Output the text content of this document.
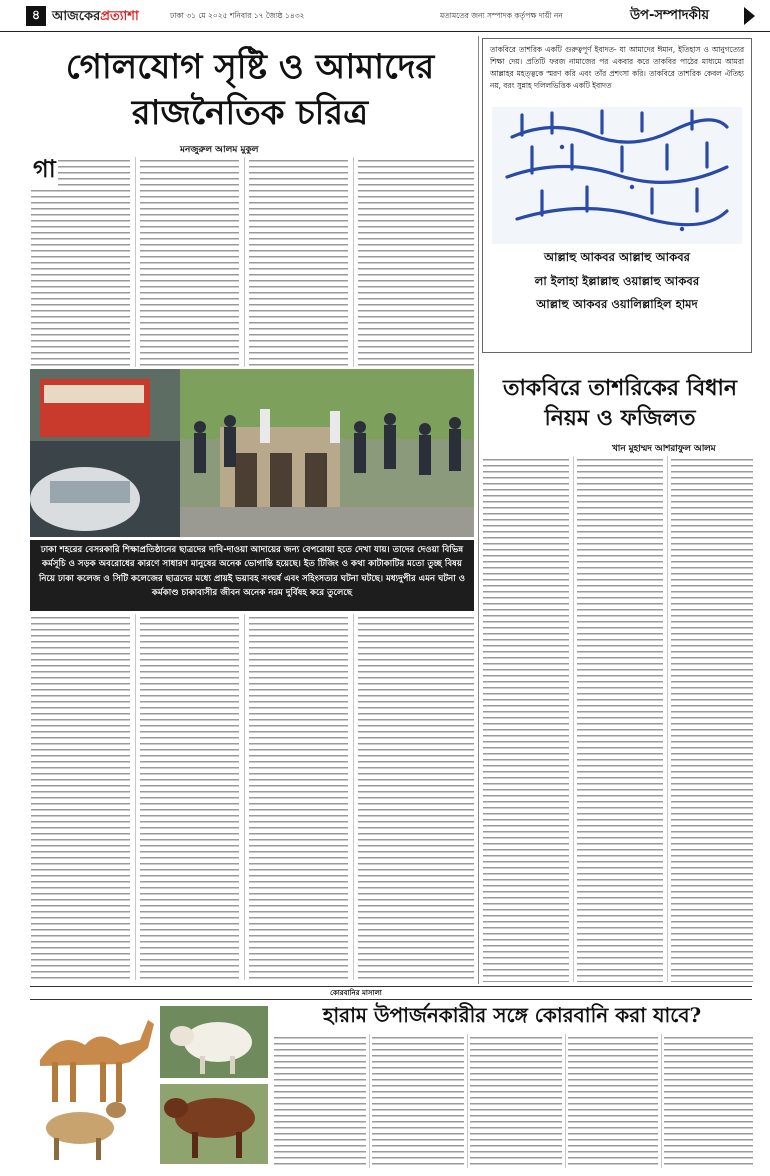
৪ আজকেরপ্রত্যাশা	ঢাকা ৩১ মে ২০২৫ শনিবার ১৭ জ্যৈষ্ঠ ১৪৩২	মতামতের জন্য সম্পাদক কর্তৃপক্ষ দায়ী নন	উপ-সম্পাদকীয়
গোলযোগ সৃষ্টি ও আমাদের
রাজনৈতিক চরিত্র
মনজুরুল আলম মুকুল
গা
ঢাকা শহরের বেসরকারি শিক্ষাপ্রতিষ্ঠানের ছাত্রদের দাবি-দাওয়া আদায়ের জন্য বেপরোয়া হতে দেখা যায়। তাদের দেওয়া বিভিন্ন কর্মসূচি ও সড়ক অবরোধের কারণে সাধারণ মানুষের অনেক ভোগান্তি হয়েছে। ইত টিজিং ও কথা কাটাকাটির মতো তুচ্ছ বিষয় নিয়ে ঢাকা কলেজ ও সিটি কলেজের ছাত্রদের মধ্যে প্রায়ই ভয়াবহ সংঘর্ষ এবং সহিংসতার ঘটনা ঘটছে। মধ্যদুপীর এমন ঘটনা ও কর্মকাণ্ড চাকাবাসীর জীবন অনেক নরম দুর্বিষহ করে তুলেছে
তাকবিরে তাশরিক একটি গুরুত্বপূর্ণ ইবাদত- যা আমাদের ঈমান, ইতিহাস ও আনুগত্যের শিক্ষা দেয়। প্রতিটি ফরজ নামাজের পর একবার করে তাকবির পাঠের মাধ্যমে আমরা আল্লাহর মহত্ত্বকে স্মরণ করি এবং তাঁর প্রশংসা করি। তাকবিরে তাশরিক কেবল ঐতিহ্য নয়, বরং সুন্নাহ দলিলভিত্তিক একটি ইবাদত
আল্লাহু আকবর আল্লাহু আকবর
লা ইলাহা ইল্লাল্লাহু ওয়াল্লাহু আকবর
আল্লাহু আকবর ওয়ালিল্লাহিল হামদ
তাকবিরে তাশরিকের বিধান
নিয়ম ও ফজিলত
খান মুহাম্মদ আশরাফুল আলম
কোরবানির মাসালা
হারাম উপার্জনকারীর সঙ্গে কোরবানি করা যাবে?
